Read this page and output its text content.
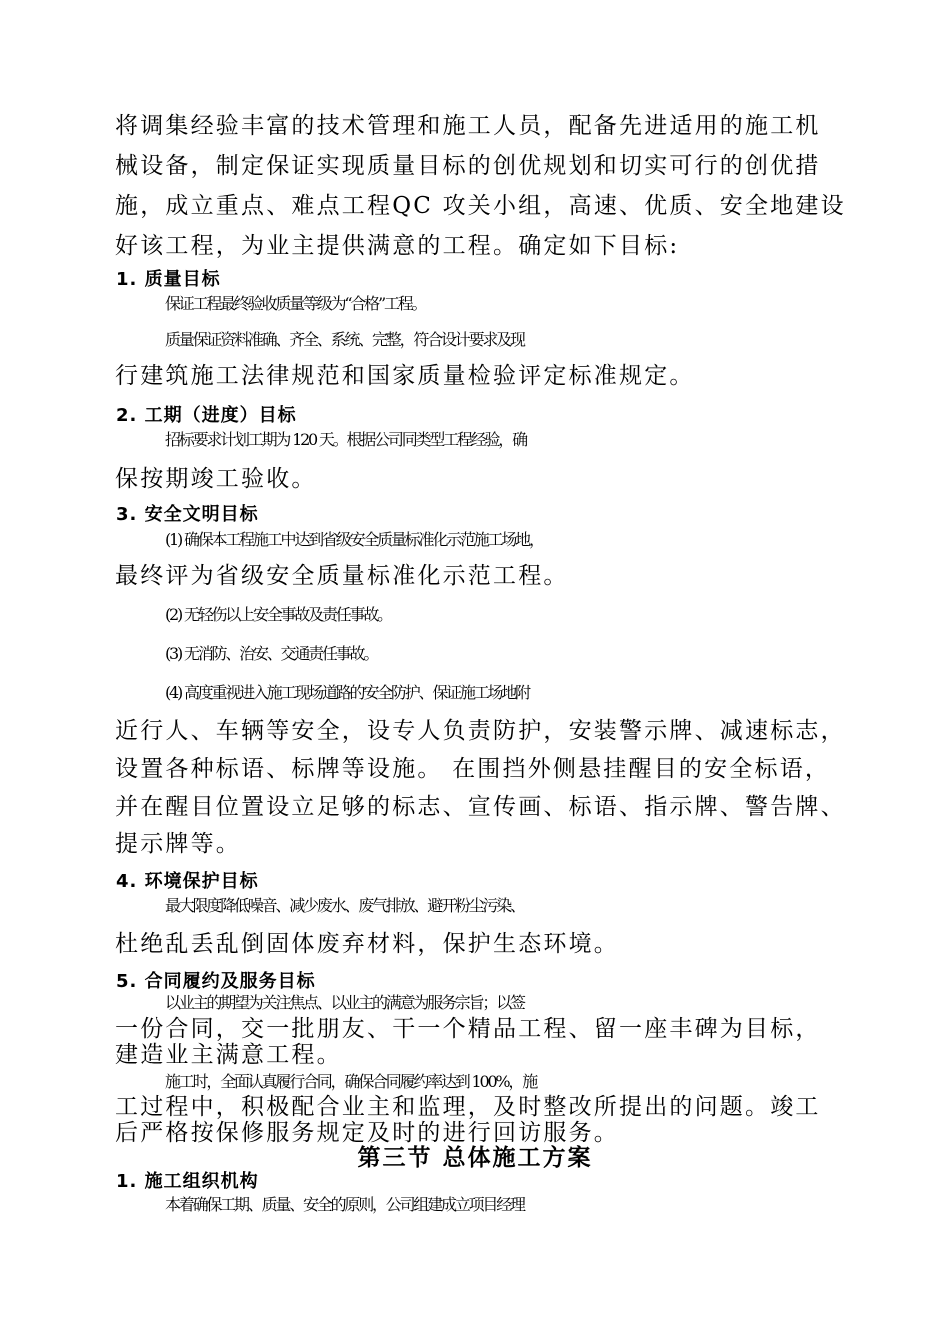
将调集经验丰富的技术管理和施工人员，配备先进适用的施工机

械设备，制定保证实现质量目标的创优规划和切实可行的创优措

施，成立重点、难点工程QC 攻关小组，高速、优质、安全地建设

好该工程，为业主提供满意的工程。确定如下目标:

1. 质量目标

保证工程最终验收质量等级为“合格”工程。

质量保证资料准确、齐全、系统、完整，符合设计要求及现

行建筑施工法律规范和国家质量检验评定标准规定。

2. 工期（进度）目标

招标要求计划工期为 120 天。根据公司同类型工程经验，确

保按期竣工验收。

3. 安全文明目标

(1) 确保本工程施工中达到省级安全质量标准化示范施工场地，

最终评为省级安全质量标准化示范工程。

(2) 无轻伤以上安全事故及责任事故。

(3) 无消防、治安、交通责任事故。

(4) 高度重视进入施工现场道路的安全防护、保证施工场地附

近行人、车辆等安全，设专人负责防护，安装警示牌、减速标志，

设置各种标语、标牌等设施。 在围挡外侧悬挂醒目的安全标语，

并在醒目位置设立足够的标志、宣传画、标语、指示牌、警告牌、

提示牌等。

4. 环境保护目标

最大限度降低噪音、减少废水、废气排放、避开粉尘污染、

杜绝乱丢乱倒固体废弃材料，保护生态环境。

5. 合同履约及服务目标

以业主的期望为关注焦点、以业主的满意为服务宗旨；以签

一份合同，交一批朋友、干一个精品工程、留一座丰碑为目标，

建造业主满意工程。

施工时，全面认真履行合同，确保合同履约率达到 100%，施

工过程中，积极配合业主和监理，及时整改所提出的问题。竣工

后严格按保修服务规定及时的进行回访服务。

第三节 总体施工方案

1. 施工组织机构

本着确保工期、质量、安全的原则，公司组建成立项目经理
